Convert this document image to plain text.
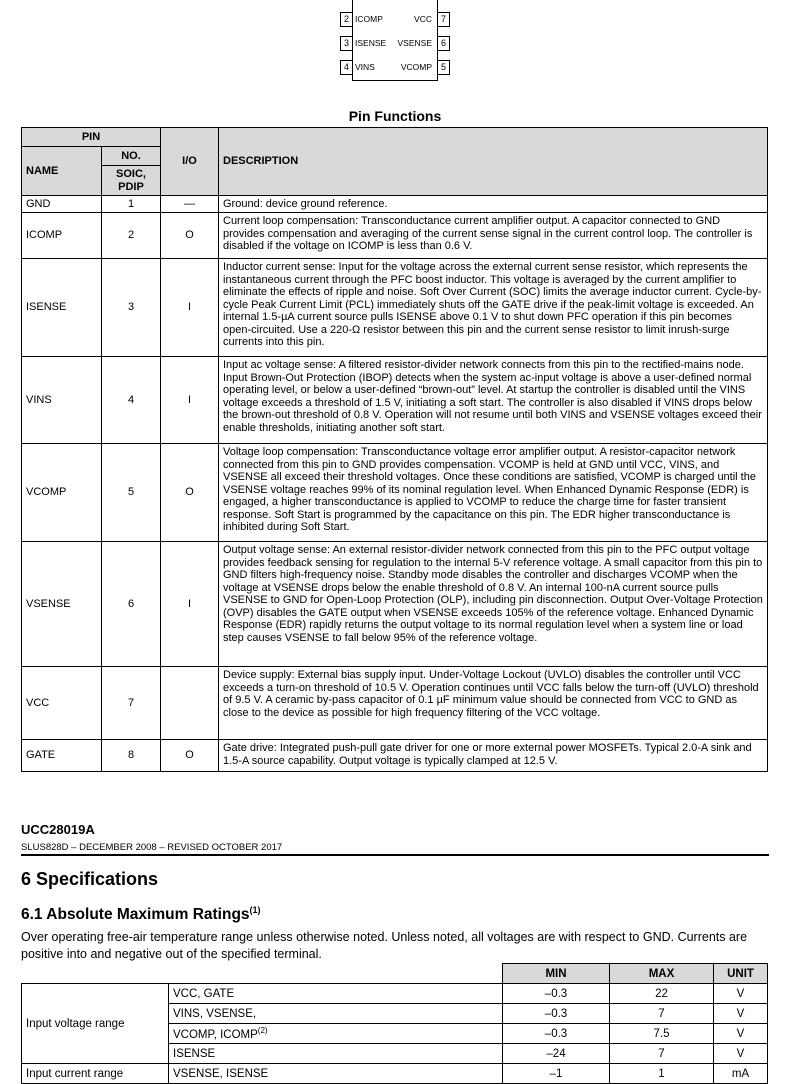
2 ICOMP
3 ISENSE
4 VINS
VCC 7
VSENSE 6
VCOMP 5
Pin Functions
PIN		I/O	DESCRIPTION
NAME	NO.		
	SOIC, PDIP		
GND	1	—	Ground: device ground reference.
ICOMP	2	O	Current loop compensation: Transconductance current amplifier output. A capacitor connected to GND provides compensation and averaging of the current sense signal in the current control loop. The controller is disabled if the voltage on ICOMP is less than 0.6 V.
ISENSE	3	I	Inductor current sense: Input for the voltage across the external current sense resistor, which represents the instantaneous current through the PFC boost inductor. This voltage is averaged by the current amplifier to eliminate the effects of ripple and noise. Soft Over Current (SOC) limits the average inductor current. Cycle-by-cycle Peak Current Limit (PCL) immediately shuts off the GATE drive if the peak-limit voltage is exceeded. An internal 1.5-µA current source pulls ISENSE above 0.1 V to shut down PFC operation if this pin becomes open-circuited. Use a 220-Ω resistor between this pin and the current sense resistor to limit inrush-surge currents into this pin.
VINS	4	I	Input ac voltage sense: A filtered resistor-divider network connects from this pin to the rectified-mains node. Input Brown-Out Protection (IBOP) detects when the system ac-input voltage is above a user-defined normal operating level, or below a user-defined “brown-out” level. At startup the controller is disabled until the VINS voltage exceeds a threshold of 1.5 V, initiating a soft start. The controller is also disabled if VINS drops below the brown-out threshold of 0.8 V. Operation will not resume until both VINS and VSENSE voltages exceed their enable thresholds, initiating another soft start.
VCOMP	5	O	Voltage loop compensation: Transconductance voltage error amplifier output. A resistor-capacitor network connected from this pin to GND provides compensation. VCOMP is held at GND until VCC, VINS, and VSENSE all exceed their threshold voltages. Once these conditions are satisfied, VCOMP is charged until the VSENSE voltage reaches 99% of its nominal regulation level. When Enhanced Dynamic Response (EDR) is engaged, a higher transconductance is applied to VCOMP to reduce the charge time for faster transient response. Soft Start is programmed by the capacitance on this pin. The EDR higher transconductance is inhibited during Soft Start.
VSENSE	6	I	Output voltage sense: An external resistor-divider network connected from this pin to the PFC output voltage provides feedback sensing for regulation to the internal 5-V reference voltage. A small capacitor from this pin to GND filters high-frequency noise. Standby mode disables the controller and discharges VCOMP when the voltage at VSENSE drops below the enable threshold of 0.8 V. An internal 100-nA current source pulls VSENSE to GND for Open-Loop Protection (OLP), including pin disconnection. Output Over-Voltage Protection (OVP) disables the GATE output when VSENSE exceeds 105% of the reference voltage. Enhanced Dynamic Response (EDR) rapidly returns the output voltage to its normal regulation level when a system line or load step causes VSENSE to fall below 95% of the reference voltage.
VCC	7		Device supply: External bias supply input. Under-Voltage Lockout (UVLO) disables the controller until VCC exceeds a turn-on threshold of 10.5 V. Operation continues until VCC falls below the turn-off (UVLO) threshold of 9.5 V. A ceramic by-pass capacitor of 0.1 µF minimum value should be connected from VCC to GND as close to the device as possible for high frequency filtering of the VCC voltage.
GATE	8	O	Gate drive: Integrated push-pull gate driver for one or more external power MOSFETs. Typical 2.0-A sink and 1.5-A source capability. Output voltage is typically clamped at 12.5 V.
UCC28019A
SLUS828D – DECEMBER 2008 – REVISED OCTOBER 2017
6 Specifications
6.1 Absolute Maximum Ratings$^{(1)}$
Over operating free-air temperature range unless otherwise noted. Unless noted, all voltages are with respect to GND. Currents are positive into and negative out of the specified terminal.
		MIN	MAX	UNIT
Input voltage range	VCC, GATE	–0.3	22	V
	VINS, VSENSE,	–0.3	7	V
	VCOMP, ICOMP$^{(2)}$	–0.3	7.5	V
	ISENSE	–24	7	V
Input current range	VSENSE, ISENSE	–1	1	mA
